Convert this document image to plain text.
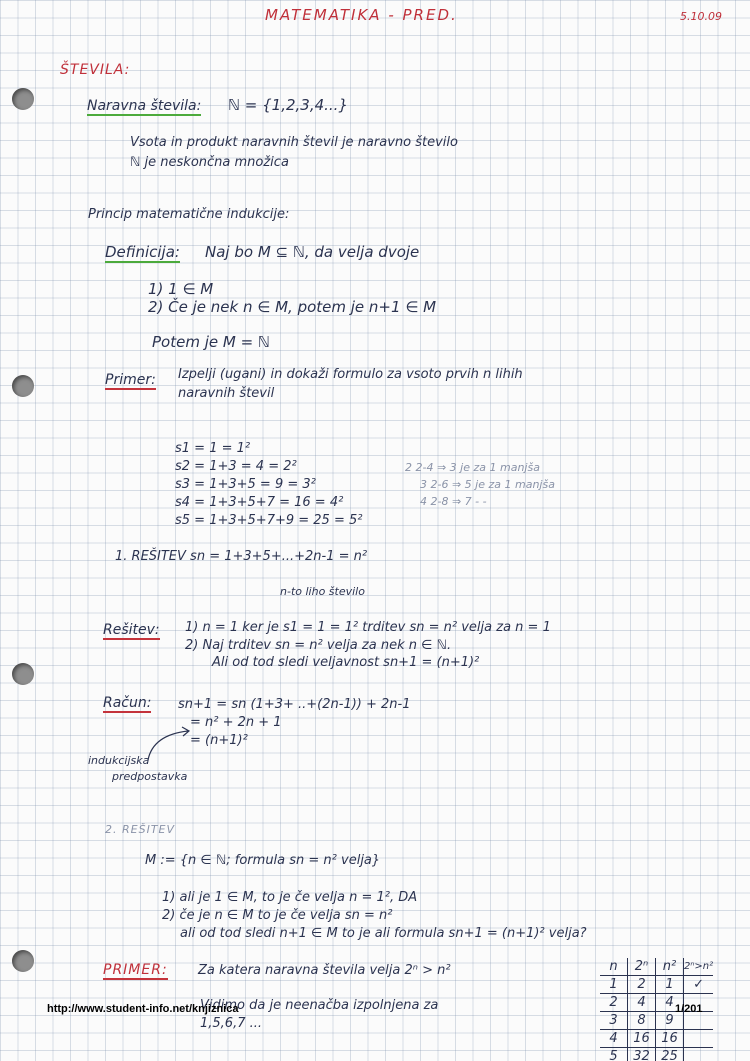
MATEMATIKA - PRED.	5.10.09
ŠTEVILA:
Naravna števila: ℕ = {1,2,3,4...}
Vsota in produkt naravnih števil je naravno število
ℕ je neskončna množica
Princip matematične indukcije:
Definicija: Naj bo M ⊆ ℕ, da velja dvoje
1) 1 ∈ M
2) Če je nek n ∈ M, potem je n+1 ∈ M
Potem je M = ℕ
Primer: Izpelji (ugani) in dokaži formulo za vsoto prvih n lihih
naravnih števil
s1 = 1 = 1²
s2 = 1+3 = 4 = 2²
s3 = 1+3+5 = 9 = 3²
s4 = 1+3+5+7 = 16 = 4²
s5 = 1+3+5+7+9 = 25 = 5²
2 2-4 ⇒ 3 je za 1 manjša
3 2-6 ⇒ 5 je za 1 manjša
4 2-8 ⇒ 7 - -
1. REŠITEV sn = 1+3+5+...+2n-1 = n²
n-to liho število
Rešitev: 1) n = 1 ker je s1 = 1 = 1² trditev sn = n² velja za n = 1
2) Naj trditev sn = n² velja za nek n ∈ ℕ.
Ali od tod sledi veljavnost sn+1 = (n+1)²
Račun: sn+1 = sn (1+3+ ..+(2n-1)) + 2n-1
= n² + 2n + 1
= (n+1)²
indukcijska
predpostavka
2. REŠITEV
M := {n ∈ ℕ; formula sn = n² velja}
1) ali je 1 ∈ M, to je če velja n = 1², DA
2) če je n ∈ M to je če velja sn = n²
ali od tod sledi n+1 ∈ M to je ali formula sn+1 = (n+1)² velja?
PRIMER: Za katera naravna števila velja 2ⁿ > n²
Vidimo da je neenačba izpolnjena za
1,5,6,7 ...
n	2ⁿ	n²	2ⁿ>n²
1	2	1	✓
2	4	4	
3	8	9	
4	16	16	
5	32	25	
http://www.student-info.net/knjiznica	1/201
